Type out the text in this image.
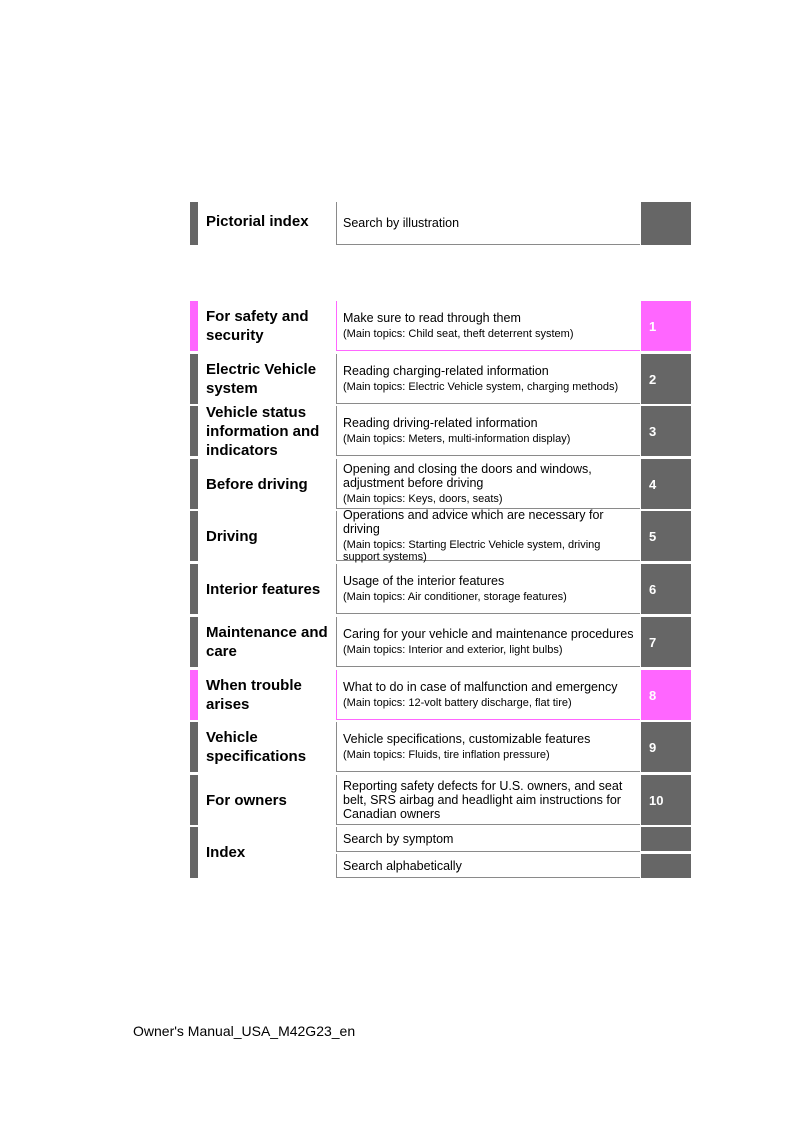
Pictorial index	Search by illustration
For safety and security
Make sure to read through them
(Main topics: Child seat, theft deterrent system)
1
Electric Vehicle system
Reading charging-related information
(Main topics: Electric Vehicle system, charging methods)
2
Vehicle status information and indicators
Reading driving-related information
(Main topics: Meters, multi-information display)
3
Before driving
Opening and closing the doors and windows, adjustment before driving
(Main topics: Keys, doors, seats)
4
Driving
Operations and advice which are necessary for driving
(Main topics: Starting Electric Vehicle system, driving support systems)
5
Interior features	Usage of the interior features
(Main topics: Air conditioner, storage features)
6
Maintenance and care
Caring for your vehicle and maintenance procedures
(Main topics: Interior and exterior, light bulbs)
7
When trouble arises
What to do in case of malfunction and emergency
(Main topics: 12-volt battery discharge, flat tire)
8
Vehicle specifications
Vehicle specifications, customizable features
(Main topics: Fluids, tire inflation pressure)
9
For owners
Reporting safety defects for U.S. owners, and seat belt, SRS airbag and headlight aim instructions for Canadian owners
10
Index
Search by symptom
Search alphabetically
Owner's Manual_USA_M42G23_en
